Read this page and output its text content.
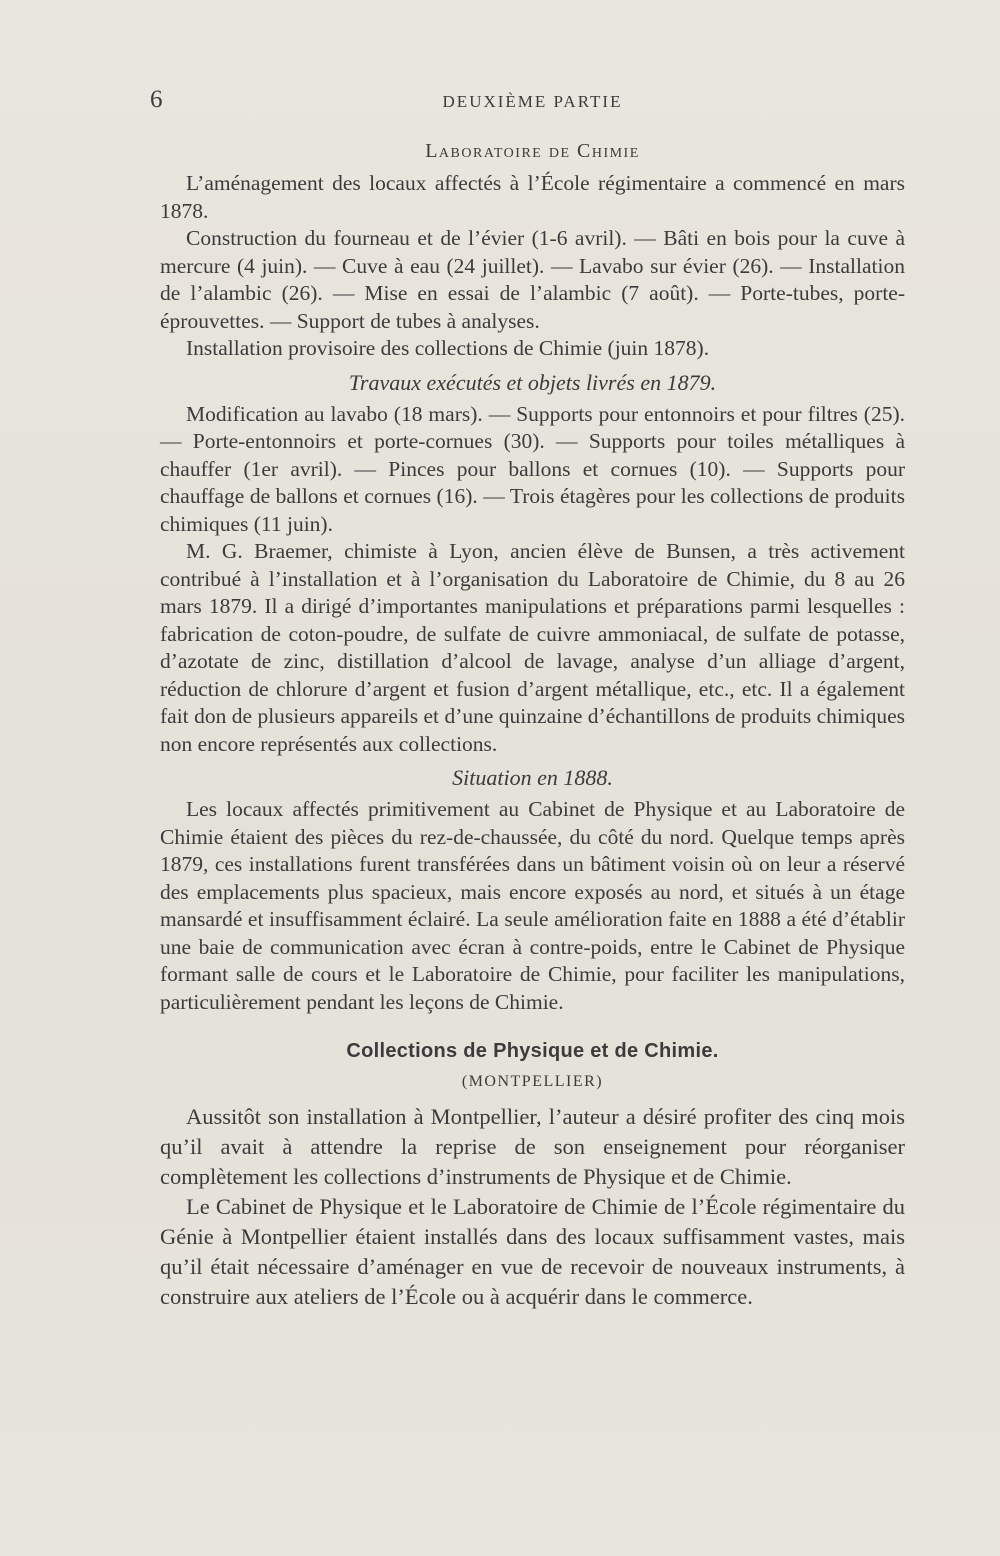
6	DEUXIÈME PARTIE
Laboratoire de Chimie

L’aménagement des locaux affectés à l’École régimentaire a commencé en mars 1878.

Construction du fourneau et de l’évier (1-6 avril). — Bâti en bois pour la cuve à mercure (4 juin). — Cuve à eau (24 juillet). — Lavabo sur évier (26). — Installation de l’alambic (26). — Mise en essai de l’alambic (7 août). — Porte-tubes, porte-éprouvettes. — Support de tubes à analyses.

Installation provisoire des collections de Chimie (juin 1878).

Travaux exécutés et objets livrés en 1879.

Modification au lavabo (18 mars). — Supports pour entonnoirs et pour filtres (25). — Porte-entonnoirs et porte-cornues (30). — Supports pour toiles métalliques à chauffer (1er avril). — Pinces pour ballons et cornues (10). — Supports pour chauffage de ballons et cornues (16). — Trois étagères pour les collections de produits chimiques (11 juin).

M. G. Braemer, chimiste à Lyon, ancien élève de Bunsen, a très activement contribué à l’installation et à l’organisation du Laboratoire de Chimie, du 8 au 26 mars 1879. Il a dirigé d’importantes manipulations et préparations parmi lesquelles : fabrication de coton-poudre, de sulfate de cuivre ammoniacal, de sulfate de potasse, d’azotate de zinc, distillation d’alcool de lavage, analyse d’un alliage d’argent, réduction de chlorure d’argent et fusion d’argent métallique, etc., etc. Il a également fait don de plusieurs appareils et d’une quinzaine d’échantillons de produits chimiques non encore représentés aux collections.

Situation en 1888.

Les locaux affectés primitivement au Cabinet de Physique et au Laboratoire de Chimie étaient des pièces du rez-de-chaussée, du côté du nord. Quelque temps après 1879, ces installations furent transférées dans un bâtiment voisin où on leur a réservé des emplacements plus spacieux, mais encore exposés au nord, et situés à un étage mansardé et insuffisamment éclairé. La seule amélioration faite en 1888 a été d’établir une baie de communication avec écran à contre-poids, entre le Cabinet de Physique formant salle de cours et le Laboratoire de Chimie, pour faciliter les manipulations, particulièrement pendant les leçons de Chimie.

Collections de Physique et de Chimie.
(MONTPELLIER)

Aussitôt son installation à Montpellier, l’auteur a désiré profiter des cinq mois qu’il avait à attendre la reprise de son enseignement pour réorganiser complètement les collections d’instruments de Physique et de Chimie.

Le Cabinet de Physique et le Laboratoire de Chimie de l’École régimentaire du Génie à Montpellier étaient installés dans des locaux suffisamment vastes, mais qu’il était nécessaire d’aménager en vue de recevoir de nouveaux instruments, à construire aux ateliers de l’École ou à acquérir dans le commerce.
